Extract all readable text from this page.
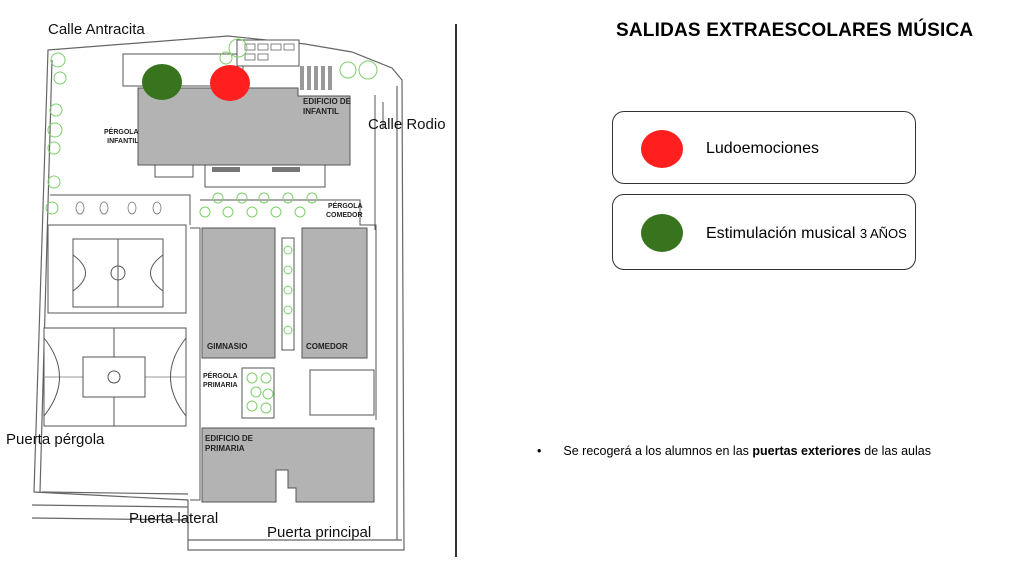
Calle Antracita
Calle Rodio
Puerta pérgola
Puerta lateral
Puerta principal
EDIFICIO DE
INFANTIL
PÉRGOLA
INFANTIL
PÉRGOLA
COMEDOR
GIMNASIO	COMEDOR
PÉRGOLA
PRIMARIA
EDIFICIO DE
PRIMARIA
SALIDAS EXTRAESCOLARES MÚSICA
Ludoemociones
Estimulación musical 3 AÑOS
• Se recogerá a los alumnos en las puertas exteriores de las aulas
